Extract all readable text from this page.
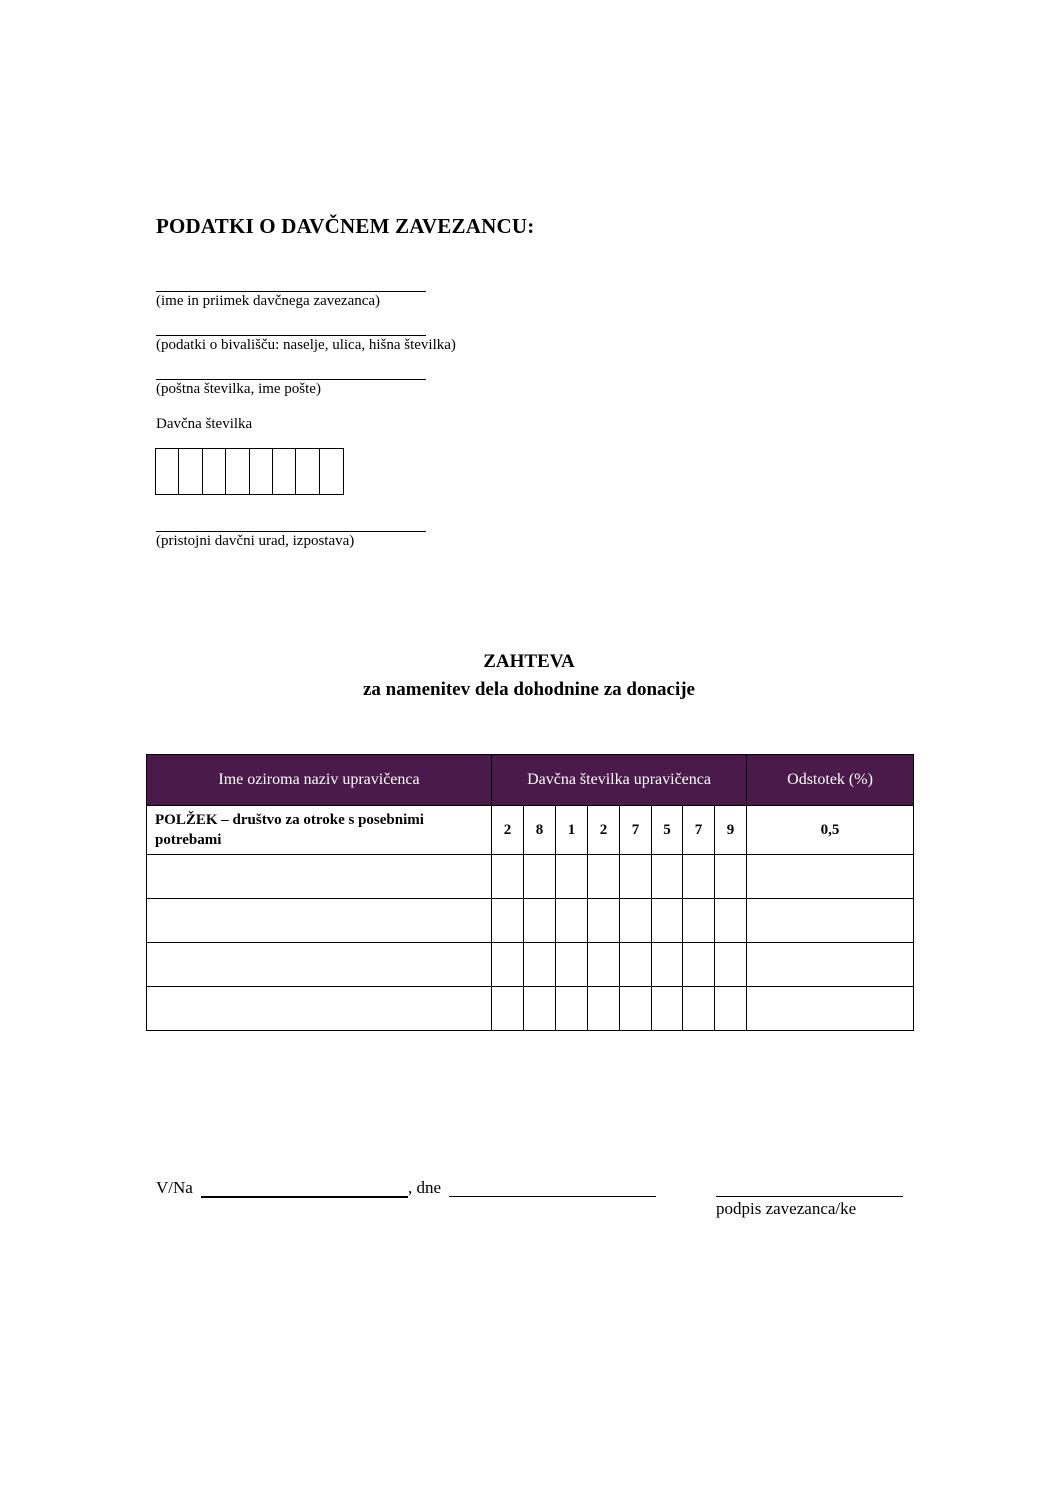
PODATKI O DAVČNEM ZAVEZANCU:
(ime in priimek davčnega zavezanca)
(podatki o bivališču: naselje, ulica, hišna številka)
(poštna številka, ime pošte)
Davčna številka
(pristojni davčni urad, izpostava)
ZAHTEVA
za namenitev dela dohodnine za donacije
Ime oziroma naziv upravičenca	Davčna številka upravičenca								Odstotek (%)
POLŽEK – društvo za otroke s posebnimi potrebami	2	8	1	2	7	5	7	9	0,5

V/Na	, dne
podpis zavezanca/ke
